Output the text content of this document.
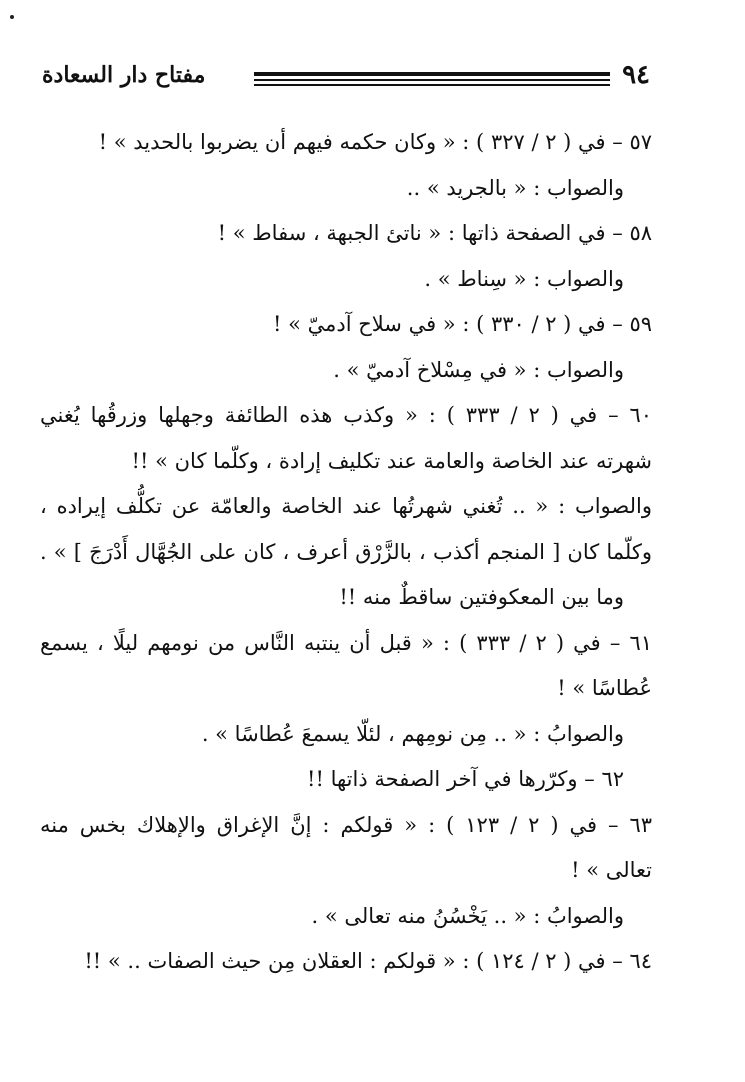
مفتاح دار السعادة	٩٤
٥٧ – في ( ٢ / ٣٢٧ ) : « وكان حكمه فيهم أن يضربوا بالحديد » !
والصواب : « بالجريد » ..
٥٨ – في الصفحة ذاتها : « ناتئ الجبهة ، سفاط » !
والصواب : « سِناط » .
٥٩ – في ( ٢ / ٣٣٠ ) : « في سلاح آدميّ » !
والصواب : « في مِسْلاخ آدميّ » .
٦٠ – في ( ٢ / ٣٣٣ ) : « وكذب هذه الطائفة وجهلها وزرقُها يُغني
شهرته عند الخاصة والعامة عند تكليف إرادة ، وكلّما كان » !!
والصواب : « .. تُغني شهرتُها عند الخاصة والعامّة عن تكلُّف إيراده ،
وكلّما كان [ المنجم أكذب ، بالزَّرْق أعرف ، كان على الجُهَّال أَدْرَجَ ] » .
وما بين المعكوفتين ساقطٌ منه !!
٦١ – في ( ٢ / ٣٣٣ ) : « قبل أن ينتبه النَّاس من نومهم ليلًا ، يسمع
عُطاسًا » !
والصوابُ : « .. مِن نومِهم ، لئلّا يسمعَ عُطاسًا » .
٦٢ – وكرّرها في آخر الصفحة ذاتها !!
٦٣ – في ( ٢ / ١٢٣ ) : « قولكم : إنَّ الإغراق والإهلاك بخس منه
تعالى » !
والصوابُ : « .. يَخْسُنُ منه تعالى » .
٦٤ – في ( ٢ / ١٢٤ ) : « قولكم : العقلان مِن حيث الصفات .. » !!
